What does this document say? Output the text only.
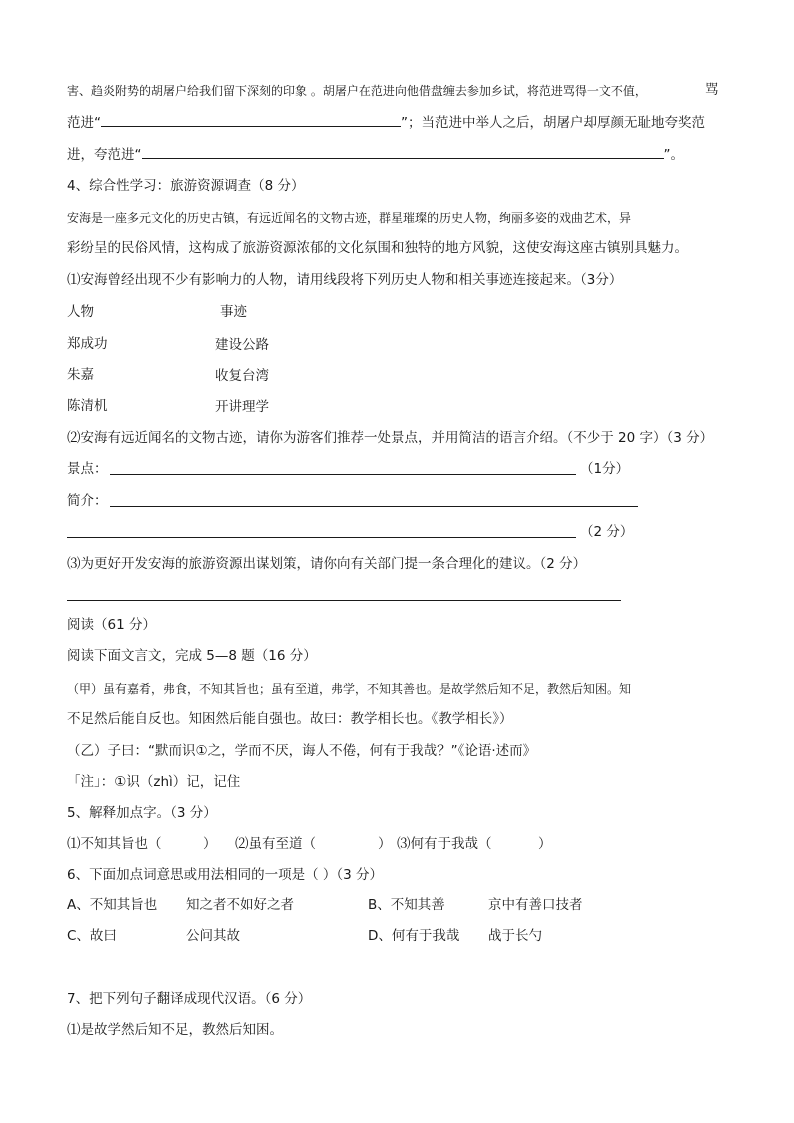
害、趋炎附势的胡屠户给我们留下深刻的印象 。胡屠户在范进向他借盘缠去参加乡试，将范进骂得一文不值，	骂
范进“	”；当范进中举人之后，胡屠户却厚颜无耻地夸奖范
进，夸范进“	”。
4、综合性学习：旅游资源调查（8 分）
安海是一座多元文化的历史古镇，有远近闻名的文物古迹，群星璀璨的历史人物，绚丽多姿的戏曲艺术，异
彩纷呈的民俗风情，这构成了旅游资源浓郁的文化氛围和独特的地方风貌，这使安海这座古镇别具魅力。
⑴安海曾经出现不少有影响力的人物，请用线段将下列历史人物和相关事迹连接起来。（3分）
人物	事迹
郑成功	建设公路
朱嘉	收复台湾
陈清机	开讲理学
⑵安海有远近闻名的文物古迹，请你为游客们推荐一处景点，并用简洁的语言介绍。（不少于 20 字）（3 分）
景点：	（1分）
简介：
（2 分）
⑶为更好开发安海的旅游资源出谋划策，请你向有关部门提一条合理化的建议。（2 分）
阅读（61 分）
阅读下面文言文，完成 5—8 题（16 分）
（甲）虽有嘉肴，弗食，不知其旨也；虽有至道，弗学，不知其善也。是故学然后知不足，教然后知困。知
不足然后能自反也。知困然后能自强也。故曰：教学相长也。《教学相长》）
（乙）子曰：“默而识①之，学而不厌，诲人不倦，何有于我哉？”《论语·述而》
「注」：①识（zhì）记，记住
5、解释加点字。（3 分）
⑴不知其旨也（	） ⑵虽有至道（	） ⑶何有于我哉（	）
6、下面加点词意思或用法相同的一项是（ ）（3 分）
A、不知其旨也 知之者不如好之者	B、不知其善	京中有善口技者
C、故曰	公问其故	D、何有于我哉 战于长勺
7、把下列句子翻译成现代汉语。（6 分）
⑴是故学然后知不足，教然后知困。
